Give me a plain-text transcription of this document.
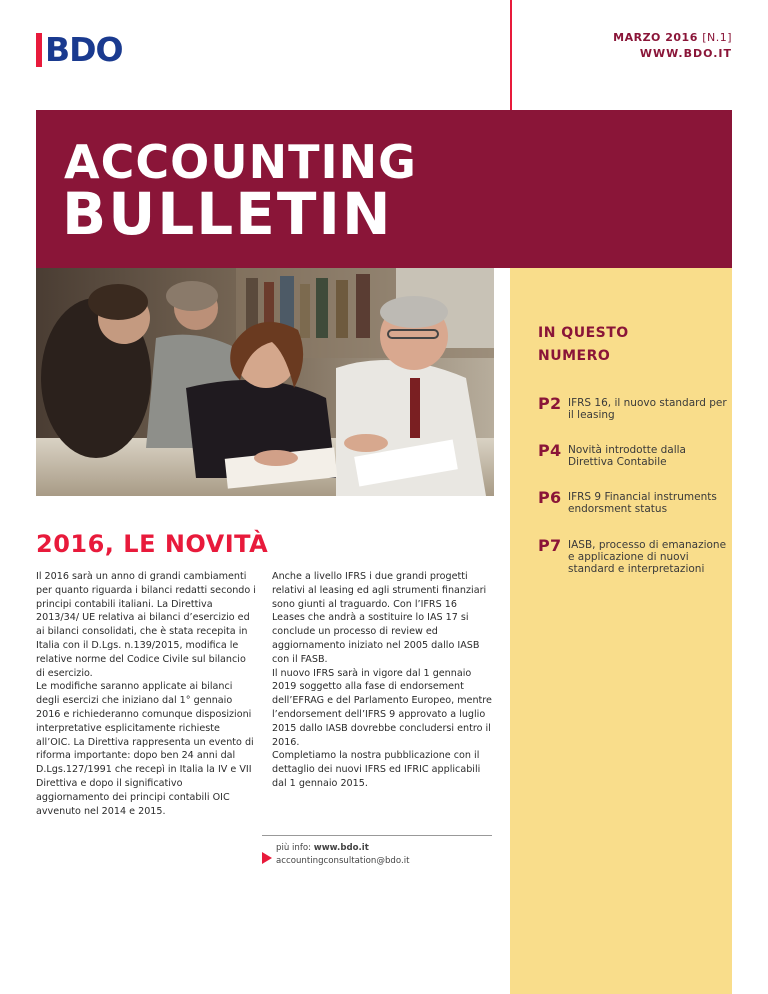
BDO	MARZO 2016 [N.1]
WWW.BDO.IT
ACCOUNTING
BULLETIN
IN QUESTO
NUMERO
P 2 IFRS 16, il nuovo standard per il leasing
P 4 Novità introdotte dalla Direttiva Contabile
P 6 IFRS 9 Financial instruments endorsment status
P 7 IASB, processo di emanazione e applicazione di nuovi standard e interpretazioni
2016, LE NOVITÀ

Il 2016 sarà un anno di grandi cambiamenti per quanto riguarda i bilanci redatti secondo i principi contabili italiani. La Direttiva 2013/34/ UE relativa ai bilanci d’esercizio ed ai bilanci consolidati, che è stata recepita in Italia con il D.Lgs. n.139/2015, modifica le relative norme del Codice Civile sul bilancio di esercizio.

Le modifiche saranno applicate ai bilanci degli esercizi che iniziano dal 1° gennaio 2016 e richiederanno comunque disposizioni interpretative esplicitamente richieste all’OIC. La Direttiva rappresenta un evento di riforma importante: dopo ben 24 anni dal D.Lgs.127/1991 che recepì in Italia la IV e VII Direttiva e dopo il significativo aggiornamento dei principi contabili OIC avvenuto nel 2014 e 2015.

Anche a livello IFRS i due grandi progetti relativi al leasing ed agli strumenti finanziari sono giunti al traguardo. Con l’IFRS 16 Leases che andrà a sostituire lo IAS 17 si conclude un processo di review ed aggiornamento iniziato nel 2005 dallo IASB con il FASB.

Il nuovo IFRS sarà in vigore dal 1 gennaio 2019 soggetto alla fase di endorsement dell’EFRAG e del Parlamento Europeo, mentre l’endorsement dell’IFRS 9 approvato a luglio 2015 dallo IASB dovrebbe concludersi entro il 2016.

Completiamo la nostra pubblicazione con il dettaglio dei nuovi IFRS ed IFRIC applicabili dal 1 gennaio 2015.

più info: www.bdo.it
accountingconsultation@bdo.it
